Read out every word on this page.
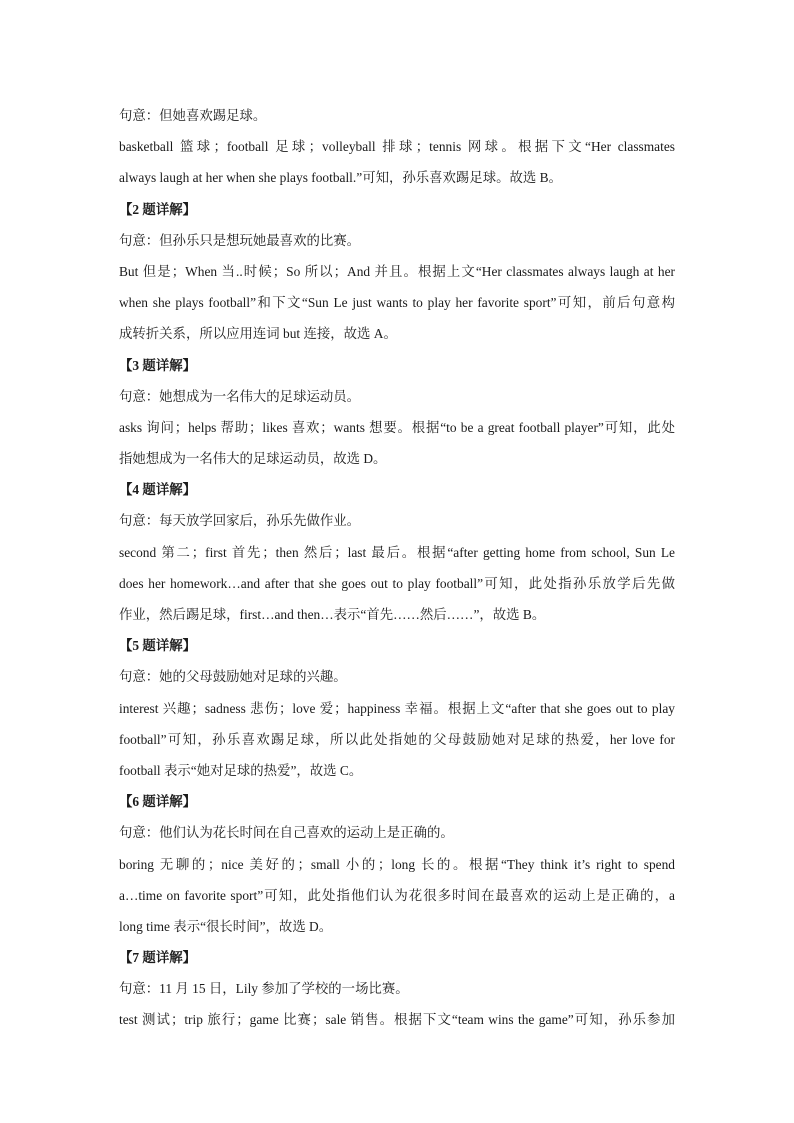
句意：但她喜欢踢足球。
basketball 篮球；football 足球；volleyball 排球；tennis 网球。根据下文“Her classmates
always laugh at her when she plays football.”可知，孙乐喜欢踢足球。故选 B。
【2 题详解】
句意：但孙乐只是想玩她最喜欢的比赛。
But 但是；When 当..时候；So 所以；And 并且。根据上文“Her classmates always laugh at her
when she plays football”和下文“Sun Le just wants to play her favorite sport”可知，前后句意构
成转折关系，所以应用连词 but 连接，故选 A。
【3 题详解】
句意：她想成为一名伟大的足球运动员。
asks 询问；helps 帮助；likes 喜欢；wants 想要。根据“to be a great football player”可知，此处
指她想成为一名伟大的足球运动员，故选 D。
【4 题详解】
句意：每天放学回家后，孙乐先做作业。
second 第二；first 首先；then 然后；last 最后。根据“after getting home from school, Sun Le
does her homework…and after that she goes out to play football”可知，此处指孙乐放学后先做
作业，然后踢足球，first…and then…表示“首先……然后……”，故选 B。
【5 题详解】
句意：她的父母鼓励她对足球的兴趣。
interest 兴趣；sadness 悲伤；love 爱；happiness 幸福。根据上文“after that she goes out to play
football”可知，孙乐喜欢踢足球，所以此处指她的父母鼓励她对足球的热爱，her love for
football 表示“她对足球的热爱”，故选 C。
【6 题详解】
句意：他们认为花长时间在自己喜欢的运动上是正确的。
boring 无聊的；nice 美好的；small 小的；long 长的。根据“They think it’s right to spend
a…time on favorite sport”可知，此处指他们认为花很多时间在最喜欢的运动上是正确的，a
long time 表示“很长时间”，故选 D。
【7 题详解】
句意：11 月 15 日，Lily 参加了学校的一场比赛。
test 测试；trip 旅行；game 比赛；sale 销售。根据下文“team wins the game”可知，孙乐参加
